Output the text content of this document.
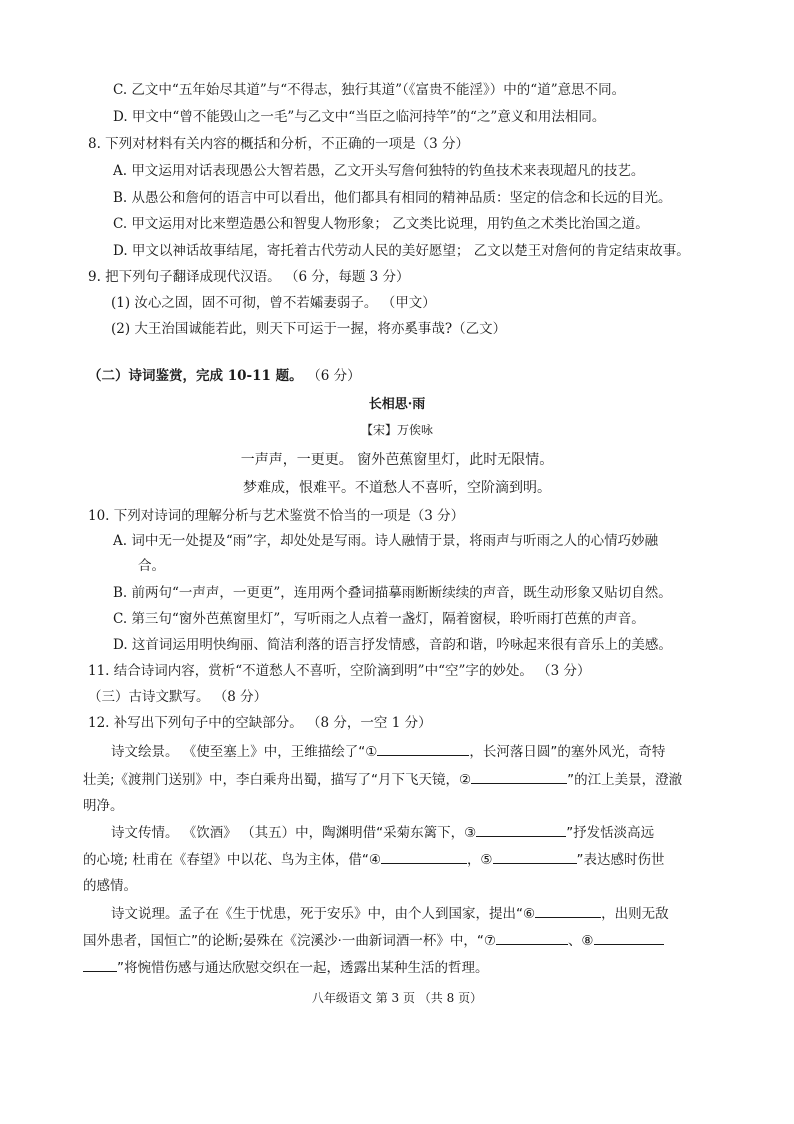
C. 乙文中“五年始尽其道”与“不得志，独行其道”（《富贵不能淫》）中的“道”意思不同。
D. 甲文中“曾不能毁山之一毛”与乙文中“当臣之临河持竿”的“之”意义和用法相同。
8. 下列对材料有关内容的概括和分析，不正确的一项是（3 分）
A. 甲文运用对话表现愚公大智若愚，乙文开头写詹何独特的钓鱼技术来表现超凡的技艺。
B. 从愚公和詹何的语言中可以看出，他们都具有相同的精神品质：坚定的信念和长远的目光。
C. 甲文运用对比来塑造愚公和智叟人物形象； 乙文类比说理，用钓鱼之术类比治国之道。
D. 甲文以神话故事结尾，寄托着古代劳动人民的美好愿望； 乙文以楚王对詹何的肯定结束故事。
9. 把下列句子翻译成现代汉语。 （6 分，每题 3 分）
(1) 汝心之固，固不可彻，曾不若孀妻弱子。 （甲文）
(2) 大王治国诚能若此，则天下可运于一握，将亦奚事哉?（乙文）
（二）诗词鉴赏，完成 10-11 题。 （6 分）
长相思·雨
【宋】万俟咏
一声声，一更更。 窗外芭蕉窗里灯，此时无限情。
梦难成，恨难平。不道愁人不喜听，空阶滴到明。
10. 下列对诗词的理解分析与艺术鉴赏不恰当的一项是（3 分）
A. 词中无一处提及“雨”字，却处处是写雨。诗人融情于景，将雨声与听雨之人的心情巧妙融
合。
B. 前两句“一声声，一更更”，连用两个叠词描摹雨断断续续的声音，既生动形象又贴切自然。
C. 第三句“窗外芭蕉窗里灯”，写听雨之人点着一盏灯，隔着窗棂，聆听雨打芭蕉的声音。
D. 这首词运用明快绚丽、简洁利落的语言抒发情感，音韵和谐，吟咏起来很有音乐上的美感。
11. 结合诗词内容，赏析“不道愁人不喜听，空阶滴到明”中“空”字的妙处。 （3 分）
（三）古诗文默写。 （8 分）
12. 补写出下列句子中的空缺部分。 （8 分，一空 1 分）
诗文绘景。 《使至塞上》中，王维描绘了“①	，长河落日圆”的塞外风光，奇特
壮美;《渡荆门送别》中，李白乘舟出蜀，描写了“月下飞天镜，②	”的江上美景，澄澈
明净。
诗文传情。 《饮酒》 （其五）中，陶渊明借“采菊东篱下，③	”抒发恬淡高远
的心境; 杜甫在《春望》中以花、鸟为主体，借“④	，⑤	”表达感时伤世
的感情。
诗文说理。孟子在《生于忧患，死于安乐》中，由个人到国家，提出“⑥	，出则无敌
国外患者，国恒亡”的论断;晏殊在《浣溪沙·一曲新词酒一杯》中，“⑦	、⑧
”将惋惜伤感与通达欣慰交织在一起，透露出某种生活的哲理。
八年级语文 第 3 页 （共 8 页）
